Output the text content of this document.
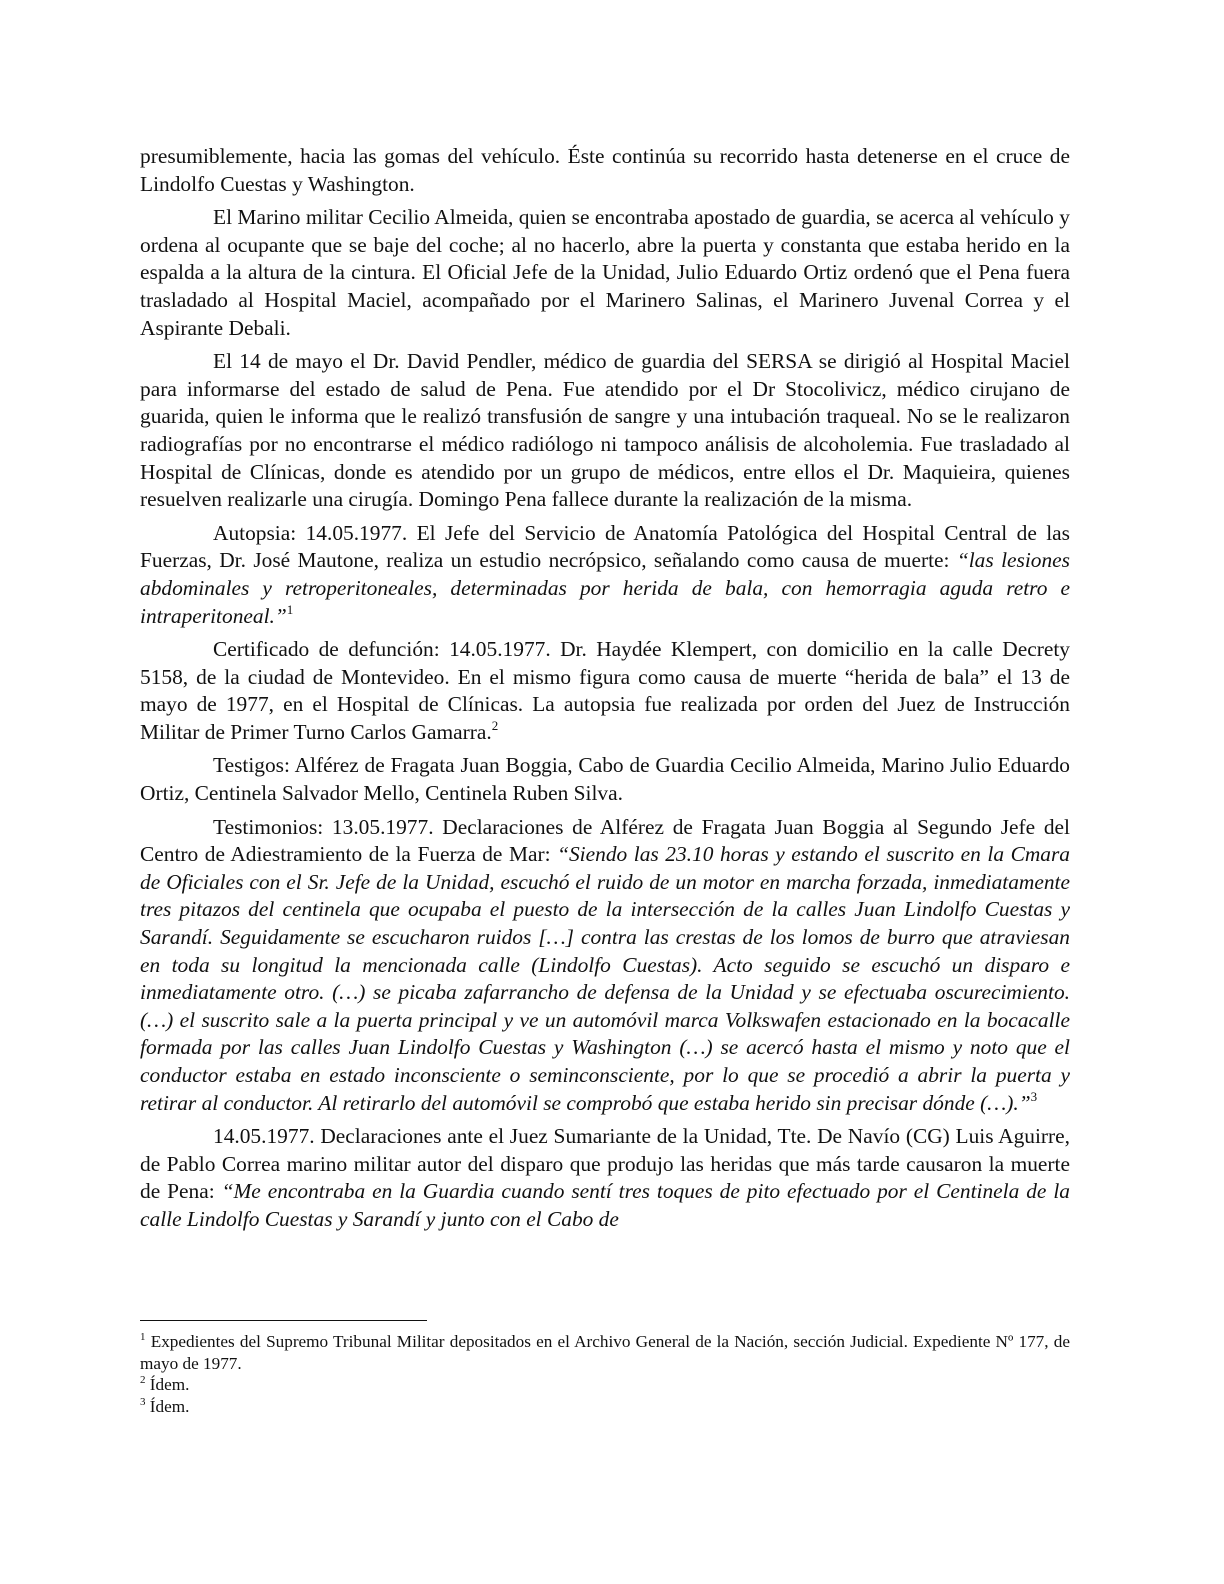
presumiblemente, hacia las gomas del vehículo. Éste continúa su recorrido hasta detenerse en el cruce de Lindolfo Cuestas y Washington.

El Marino militar Cecilio Almeida, quien se encontraba apostado de guardia, se acerca al vehículo y ordena al ocupante que se baje del coche; al no hacerlo, abre la puerta y constanta que estaba herido en la espalda a la altura de la cintura. El Oficial Jefe de la Unidad, Julio Eduardo Ortiz ordenó que el Pena fuera trasladado al Hospital Maciel, acompañado por el Marinero Salinas, el Marinero Juvenal Correa y el Aspirante Debali.

El 14 de mayo el Dr. David Pendler, médico de guardia del SERSA se dirigió al Hospital Maciel para informarse del estado de salud de Pena. Fue atendido por el Dr Stocolivicz, médico cirujano de guarida, quien le informa que le realizó transfusión de sangre y una intubación traqueal. No se le realizaron radiografías por no encontrarse el médico radiólogo ni tampoco análisis de alcoholemia. Fue trasladado al Hospital de Clínicas, donde es atendido por un grupo de médicos, entre ellos el Dr. Maquieira, quienes resuelven realizarle una cirugía. Domingo Pena fallece durante la realización de la misma.

Autopsia: 14.05.1977. El Jefe del Servicio de Anatomía Patológica del Hospital Central de las Fuerzas, Dr. José Mautone, realiza un estudio necrópsico, señalando como causa de muerte: “las lesiones abdominales y retroperitoneales, determinadas por herida de bala, con hemorragia aguda retro e intraperitoneal.”$^1$

Certificado de defunción: 14.05.1977. Dr. Haydée Klempert, con domicilio en la calle Decrety 5158, de la ciudad de Montevideo. En el mismo figura como causa de muerte “herida de bala” el 13 de mayo de 1977, en el Hospital de Clínicas. La autopsia fue realizada por orden del Juez de Instrucción Militar de Primer Turno Carlos Gamarra.$^2$

Testigos: Alférez de Fragata Juan Boggia, Cabo de Guardia Cecilio Almeida, Marino Julio Eduardo Ortiz, Centinela Salvador Mello, Centinela Ruben Silva.

Testimonios: 13.05.1977. Declaraciones de Alférez de Fragata Juan Boggia al Segundo Jefe del Centro de Adiestramiento de la Fuerza de Mar: “Siendo las 23.10 horas y estando el suscrito en la Cmara de Oficiales con el Sr. Jefe de la Unidad, escuchó el ruido de un motor en marcha forzada, inmediatamente tres pitazos del centinela que ocupaba el puesto de la intersección de la calles Juan Lindolfo Cuestas y Sarandí. Seguidamente se escucharon ruidos […] contra las crestas de los lomos de burro que atraviesan en toda su longitud la mencionada calle (Lindolfo Cuestas). Acto seguido se escuchó un disparo e inmediatamente otro. (…) se picaba zafarrancho de defensa de la Unidad y se efectuaba oscurecimiento. (…) el suscrito sale a la puerta principal y ve un automóvil marca Volkswafen estacionado en la bocacalle formada por las calles Juan Lindolfo Cuestas y Washington (…) se acercó hasta el mismo y noto que el conductor estaba en estado inconsciente o seminconsciente, por lo que se procedió a abrir la puerta y retirar al conductor. Al retirarlo del automóvil se comprobó que estaba herido sin precisar dónde (…).”$^3$

14.05.1977. Declaraciones ante el Juez Sumariante de la Unidad, Tte. De Navío (CG) Luis Aguirre, de Pablo Correa marino militar autor del disparo que produjo las heridas que más tarde causaron la muerte de Pena: “Me encontraba en la Guardia cuando sentí tres toques de pito efectuado por el Centinela de la calle Lindolfo Cuestas y Sarandí y junto con el Cabo de

$^1$ Expedientes del Supremo Tribunal Militar depositados en el Archivo General de la Nación, sección Judicial. Expediente Nº 177, de mayo de 1977.

$^2$ Ídem.

$^3$ Ídem.
